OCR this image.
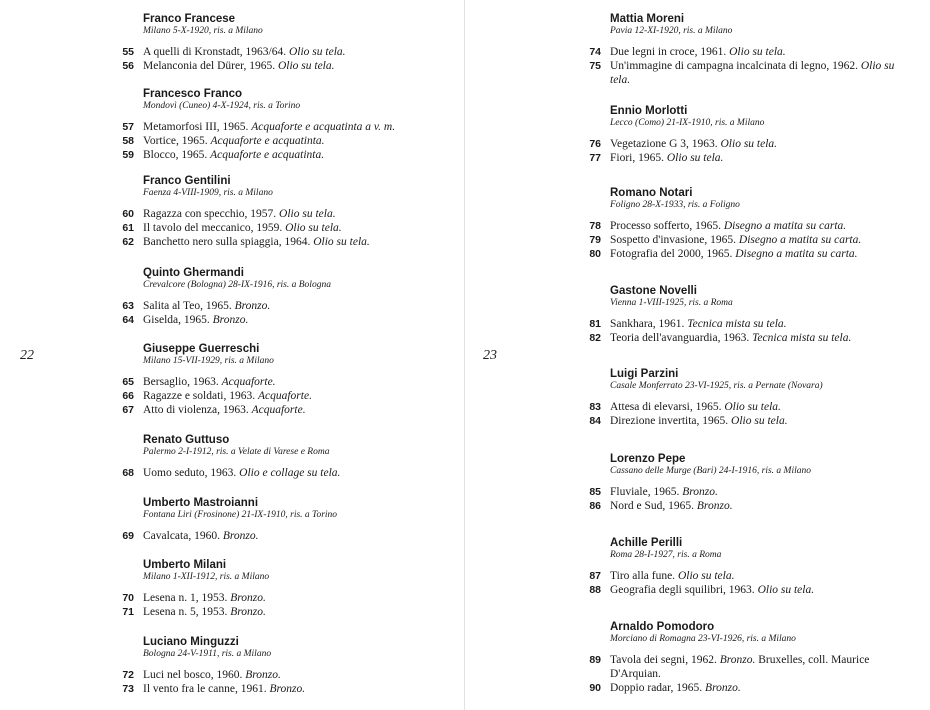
22
Franco Francese
Milano 5-X-1920, ris. a Milano
55 A quelli di Kronstadt, 1963/64. Olio su tela.
56 Melanconia del Dürer, 1965. Olio su tela.
Francesco Franco
Mondovì (Cuneo) 4-X-1924, ris. a Torino
57 Metamorfosi III, 1965. Acquaforte e acquatinta a v. m.
58 Vortice, 1965. Acquaforte e acquatinta.
59 Blocco, 1965. Acquaforte e acquatinta.
Franco Gentilini
Faenza 4-VIII-1909, ris. a Milano
60 Ragazza con specchio, 1957. Olio su tela.
61 Il tavolo del meccanico, 1959. Olio su tela.
62 Banchetto nero sulla spiaggia, 1964. Olio su tela.
Quinto Ghermandi
Crevalcore (Bologna) 28-IX-1916, ris. a Bologna
63 Salita al Teo, 1965. Bronzo.
64 Giselda, 1965. Bronzo.
Giuseppe Guerreschi
Milano 15-VII-1929, ris. a Milano
65 Bersaglio, 1963. Acquaforte.
66 Ragazze e soldati, 1963. Acquaforte.
67 Atto di violenza, 1963. Acquaforte.
Renato Guttuso
Palermo 2-I-1912, ris. a Velate di Varese e Roma
68 Uomo seduto, 1963. Olio e collage su tela.
Umberto Mastroianni
Fontana Liri (Frosinone) 21-IX-1910, ris. a Torino
69 Cavalcata, 1960. Bronzo.
Umberto Milani
Milano 1-XII-1912, ris. a Milano
70 Lesena n. 1, 1953. Bronzo.
71 Lesena n. 5, 1953. Bronzo.
Luciano Minguzzi
Bologna 24-V-1911, ris. a Milano
72 Luci nel bosco, 1960. Bronzo.
73 Il vento fra le canne, 1961. Bronzo.
23
Mattia Moreni
Pavia 12-XI-1920, ris. a Milano
74 Due legni in croce, 1961. Olio su tela.
75 Un'immagine di campagna incalcinata di legno, 1962. Olio su tela.
Ennio Morlotti
Lecco (Como) 21-IX-1910, ris. a Milano
76 Vegetazione G 3, 1963. Olio su tela.
77 Fiori, 1965. Olio su tela.
Romano Notari
Foligno 28-X-1933, ris. a Foligno
78 Processo sofferto, 1965. Disegno a matita su carta.
79 Sospetto d'invasione, 1965. Disegno a matita su carta.
80 Fotografia del 2000, 1965. Disegno a matita su carta.
Gastone Novelli
Vienna 1-VIII-1925, ris. a Roma
81 Sankhara, 1961. Tecnica mista su tela.
82 Teoria dell'avanguardia, 1963. Tecnica mista su tela.
Luigi Parzini
Casale Monferrato 23-VI-1925, ris. a Pernate (Novara)
83 Attesa di elevarsi, 1965. Olio su tela.
84 Direzione invertita, 1965. Olio su tela.
Lorenzo Pepe
Cassano delle Murge (Bari) 24-I-1916, ris. a Milano
85 Fluviale, 1965. Bronzo.
86 Nord e Sud, 1965. Bronzo.
Achille Perilli
Roma 28-I-1927, ris. a Roma
87 Tiro alla fune. Olio su tela.
88 Geografia degli squilibri, 1963. Olio su tela.
Arnaldo Pomodoro
Morciano di Romagna 23-VI-1926, ris. a Milano
89 Tavola dei segni, 1962. Bronzo. Bruxelles, coll. Maurice D'Arquian.
90 Doppio radar, 1965. Bronzo.
